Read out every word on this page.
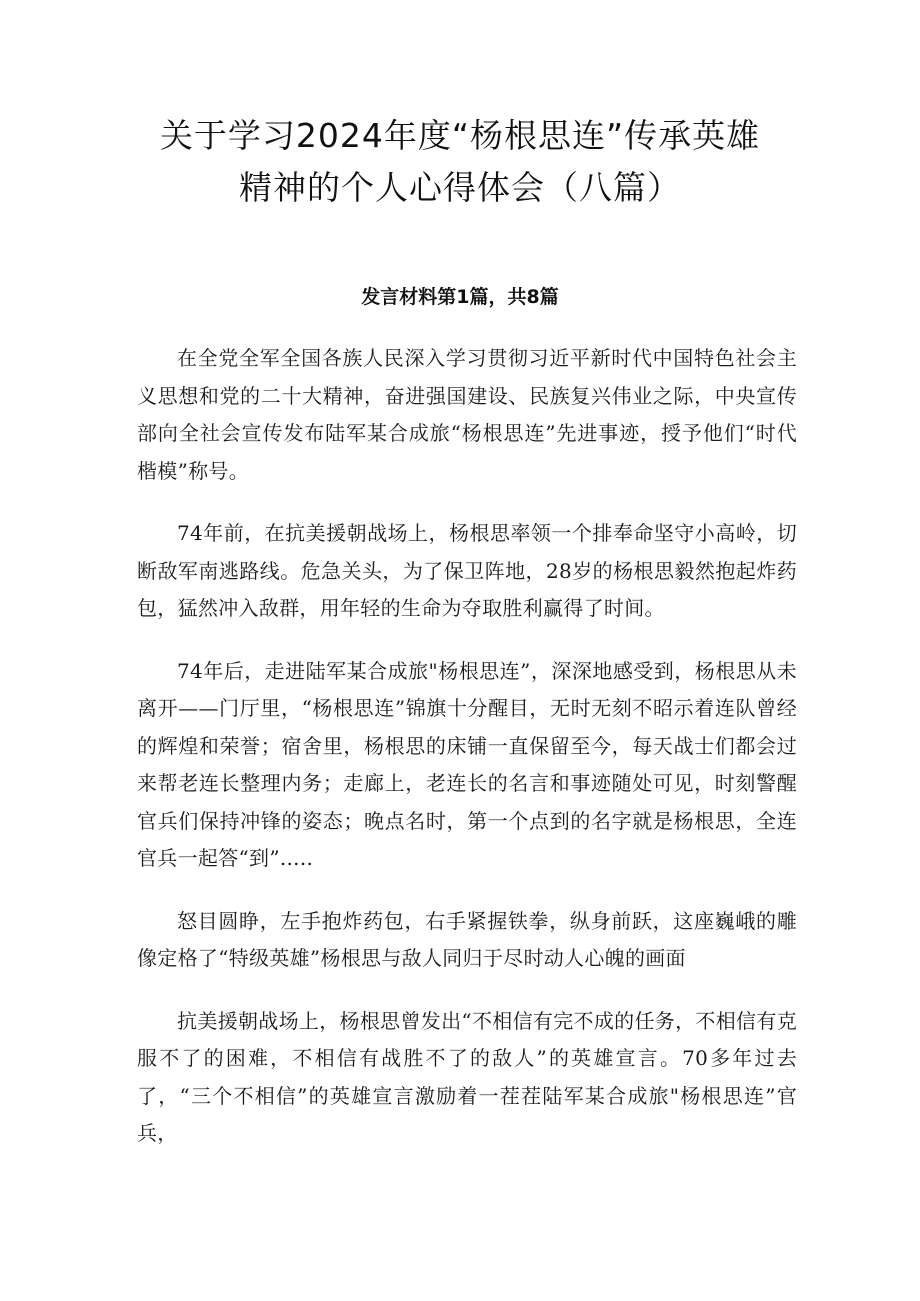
关于学习2024年度“杨根思连”传承英雄
精神的个人心得体会（八篇）
发言材料第1篇，共8篇

在全党全军全国各族人民深入学习贯彻习近平新时代中国特色社会主义思想和党的二十大精神，奋进强国建设、民族复兴伟业之际，中央宣传部向全社会宣传发布陆军某合成旅“杨根思连”先进事迹，授予他们“时代楷模”称号。

74年前，在抗美援朝战场上，杨根思率领一个排奉命坚守小高岭，切断敌军南逃路线。危急关头，为了保卫阵地，28岁的杨根思毅然抱起炸药包，猛然冲入敌群，用年轻的生命为夺取胜利赢得了时间。

74年后，走进陆军某合成旅"杨根思连”，深深地感受到，杨根思从未离开——门厅里，“杨根思连”锦旗十分醒目，无时无刻不昭示着连队曾经的辉煌和荣誉；宿舍里，杨根思的床铺一直保留至今，每天战士们都会过来帮老连长整理内务；走廊上，老连长的名言和事迹随处可见，时刻警醒官兵们保持冲锋的姿态；晚点名时，第一个点到的名字就是杨根思，全连官兵一起答“到”.....

怒目圆睁，左手抱炸药包，右手紧握铁拳，纵身前跃，这座巍峨的雕像定格了“特级英雄”杨根思与敌人同归于尽时动人心魄的画面

抗美援朝战场上，杨根思曾发出“不相信有完不成的任务，不相信有克服不了的困难，不相信有战胜不了的敌人”的英雄宣言。70多年过去了，“三个不相信”的英雄宣言激励着一茬茬陆军某合成旅"杨根思连”官兵，
